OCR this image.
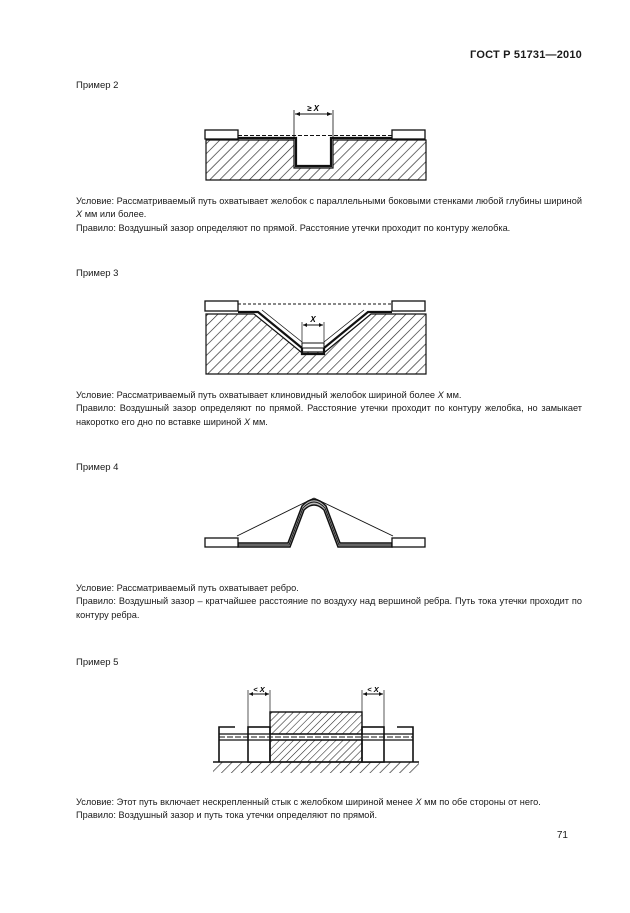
ГОСТ Р 51731—2010
Пример 2
≥ X

Условие: Рассматриваемый путь охватывает желобок с параллельными боковыми стенками любой глубины шириной X мм или более.

Правило: Воздушный зазор определяют по прямой. Расстояние утечки проходит по контуру желобка.

Пример 3
X

Условие: Рассматриваемый путь охватывает клиновидный желобок шириной более X мм.

Правило: Воздушный зазор определяют по прямой. Расстояние утечки проходит по контуру желобка, но замыкает накоротко его дно по вставке шириной X мм.

Пример 4

Условие: Рассматриваемый путь охватывает ребро.

Правило: Воздушный зазор – кратчайшее расстояние по воздуху над вершиной ребра. Путь тока утечки проходит по контуру ребра.

Пример 5
< X	< X

Условие: Этот путь включает нескрепленный стык с желобком шириной менее X мм по обе стороны от него.

Правило: Воздушный зазор и путь тока утечки определяют по прямой.

71
